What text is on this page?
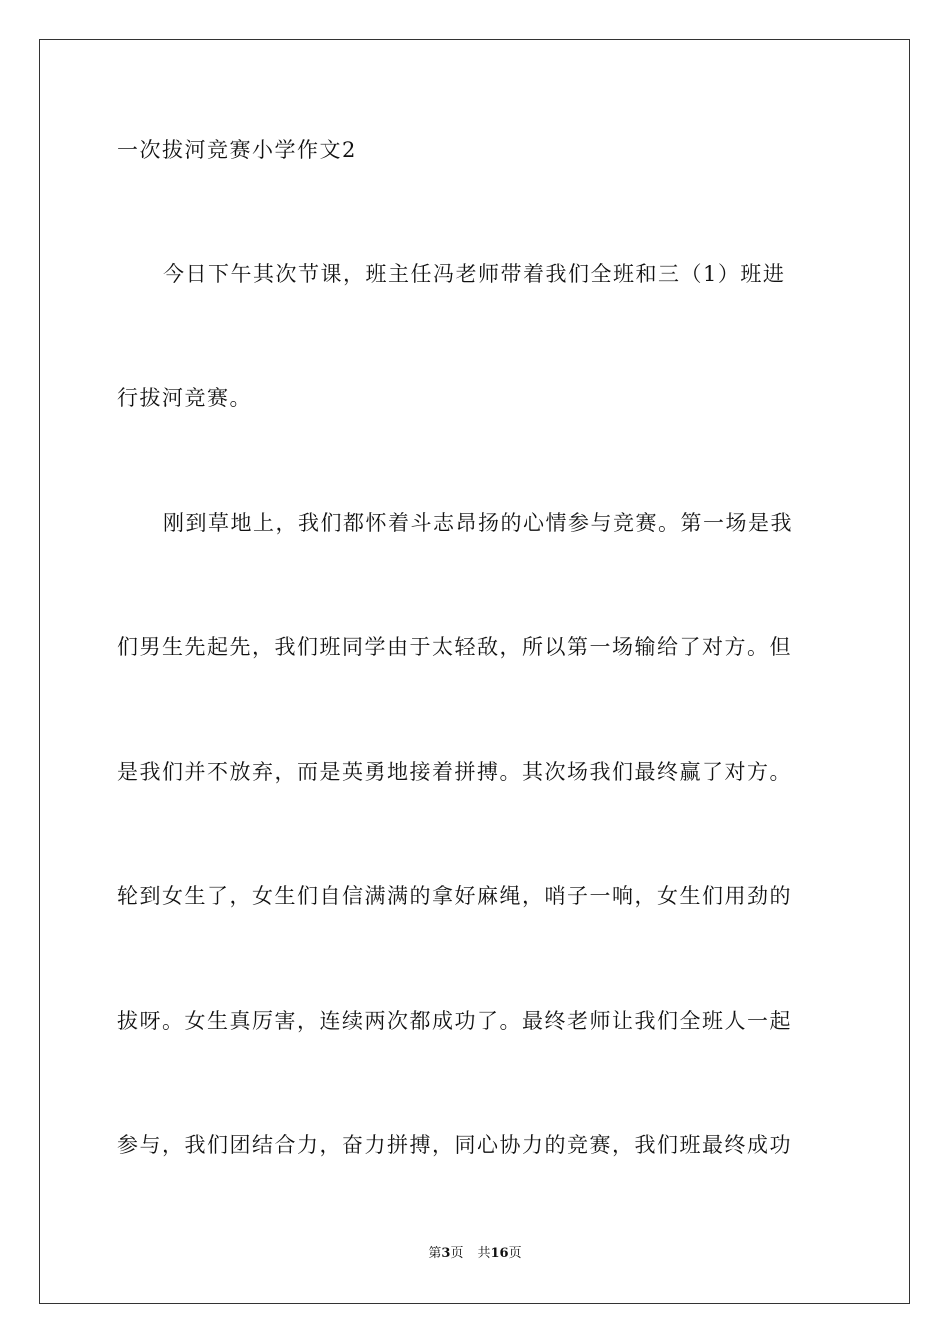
一次拔河竞赛小学作文2
今日下午其次节课，班主任冯老师带着我们全班和三（1）班进
行拔河竞赛。
刚到草地上，我们都怀着斗志昂扬的心情参与竞赛。第一场是我
们男生先起先，我们班同学由于太轻敌，所以第一场输给了对方。但
是我们并不放弃，而是英勇地接着拼搏。其次场我们最终赢了对方。
轮到女生了，女生们自信满满的拿好麻绳，哨子一响，女生们用劲的
拔呀。女生真厉害，连续两次都成功了。最终老师让我们全班人一起
参与，我们团结合力，奋力拼搏，同心协力的竞赛，我们班最终成功
第3页 共16页
